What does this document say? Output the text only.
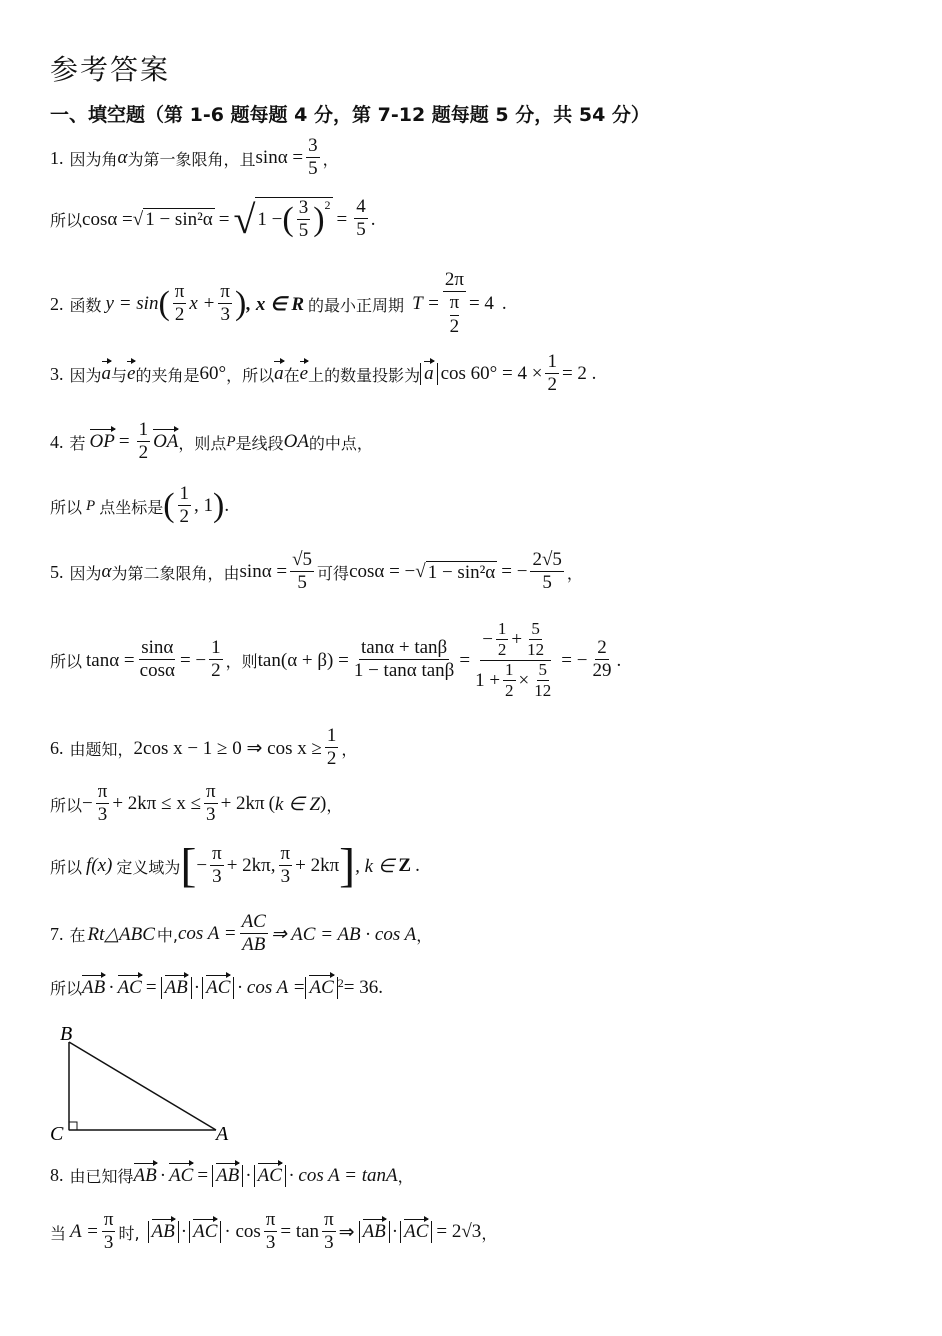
参考答案
一、填空题（第 1-6 题每题 4 分，第 7-12 题每题 5 分，共 54 分）
1. 因为角 α 为第一象限角，且 $\sin\alpha = \frac{3}{5}$ ，
所以 cosα = √ 1 − sin²α = √ 1 − ( $\frac{3}{5} )^2$
= $\frac{4}{5}$ .
2. 函数 y = sin ( $\frac{\pi}{2}$ $x + \frac{\pi}{3}$ ) , x ∈ R 的最小正周期 T = 2π
π
2 = 4 .
3. 因为 a 与 e 的夹角是 60° ，所以 a 在 e 上的数量投影为 a $\cos 60^\circ = 4 \times \frac{1}{2} = 2$ .
4. 若 OP = $\frac{1}{2}$ OA ，则点 P 是线段 OA 的中点，
所以 P 点坐标是 ( $\frac{1}{2}$ , 1 ) .
5. 因为 α 为第二象限角，由 $\sin\alpha = \frac{√5}{5}$ 可得 cosα = − √ 1 − sin²α = − $\frac{2√5}{5}$ ，
所以 $\tan\alpha = \frac{\sin\alpha}{\cos\alpha}$ = − $\frac{1}{2}$ ，则 $\tan(\alpha + \beta) = \frac{\tan\alpha + \tan\beta}{\text{1 − tanα tanβ}} = \frac{- \frac{1}{2} + \frac{5}{12}}{1 + \frac{1}{2} \times \frac{5}{12}}$ = − $\frac{2}{29}$ .
6. 由题知， 2cos x − 1 ≥ 0 ⇒ $\cos x \ge \frac{1}{2}$ ，
所以 − $\frac{\pi}{3} + 2k\pi \le x \le \frac{\pi}{3} + 2k\pi$ ( k ∈ Z ) ，
所以 f(x) 定义域为 [ − $\frac{\pi}{3} + 2k\pi$, $\frac{\pi}{3} + 2k\pi$ ] , k ∈ Z .
7. 在 Rt△ABC 中, $\cos A = \frac{AC}{AB}$ ⇒ AC = AB · cos A ，
所以 AB · AC = AB · AC · cos A = AC $^2$ = 36 .
B
C	A
8. 由已知得 AB · AC = AB · AC · cos A = tanA ，
当 $A = \frac{\pi}{3}$ 时, AB · AC · $\cos \frac{\pi}{3} = \tan \frac{\pi}{3}$ ⇒ AB · AC = 2√3 ，
